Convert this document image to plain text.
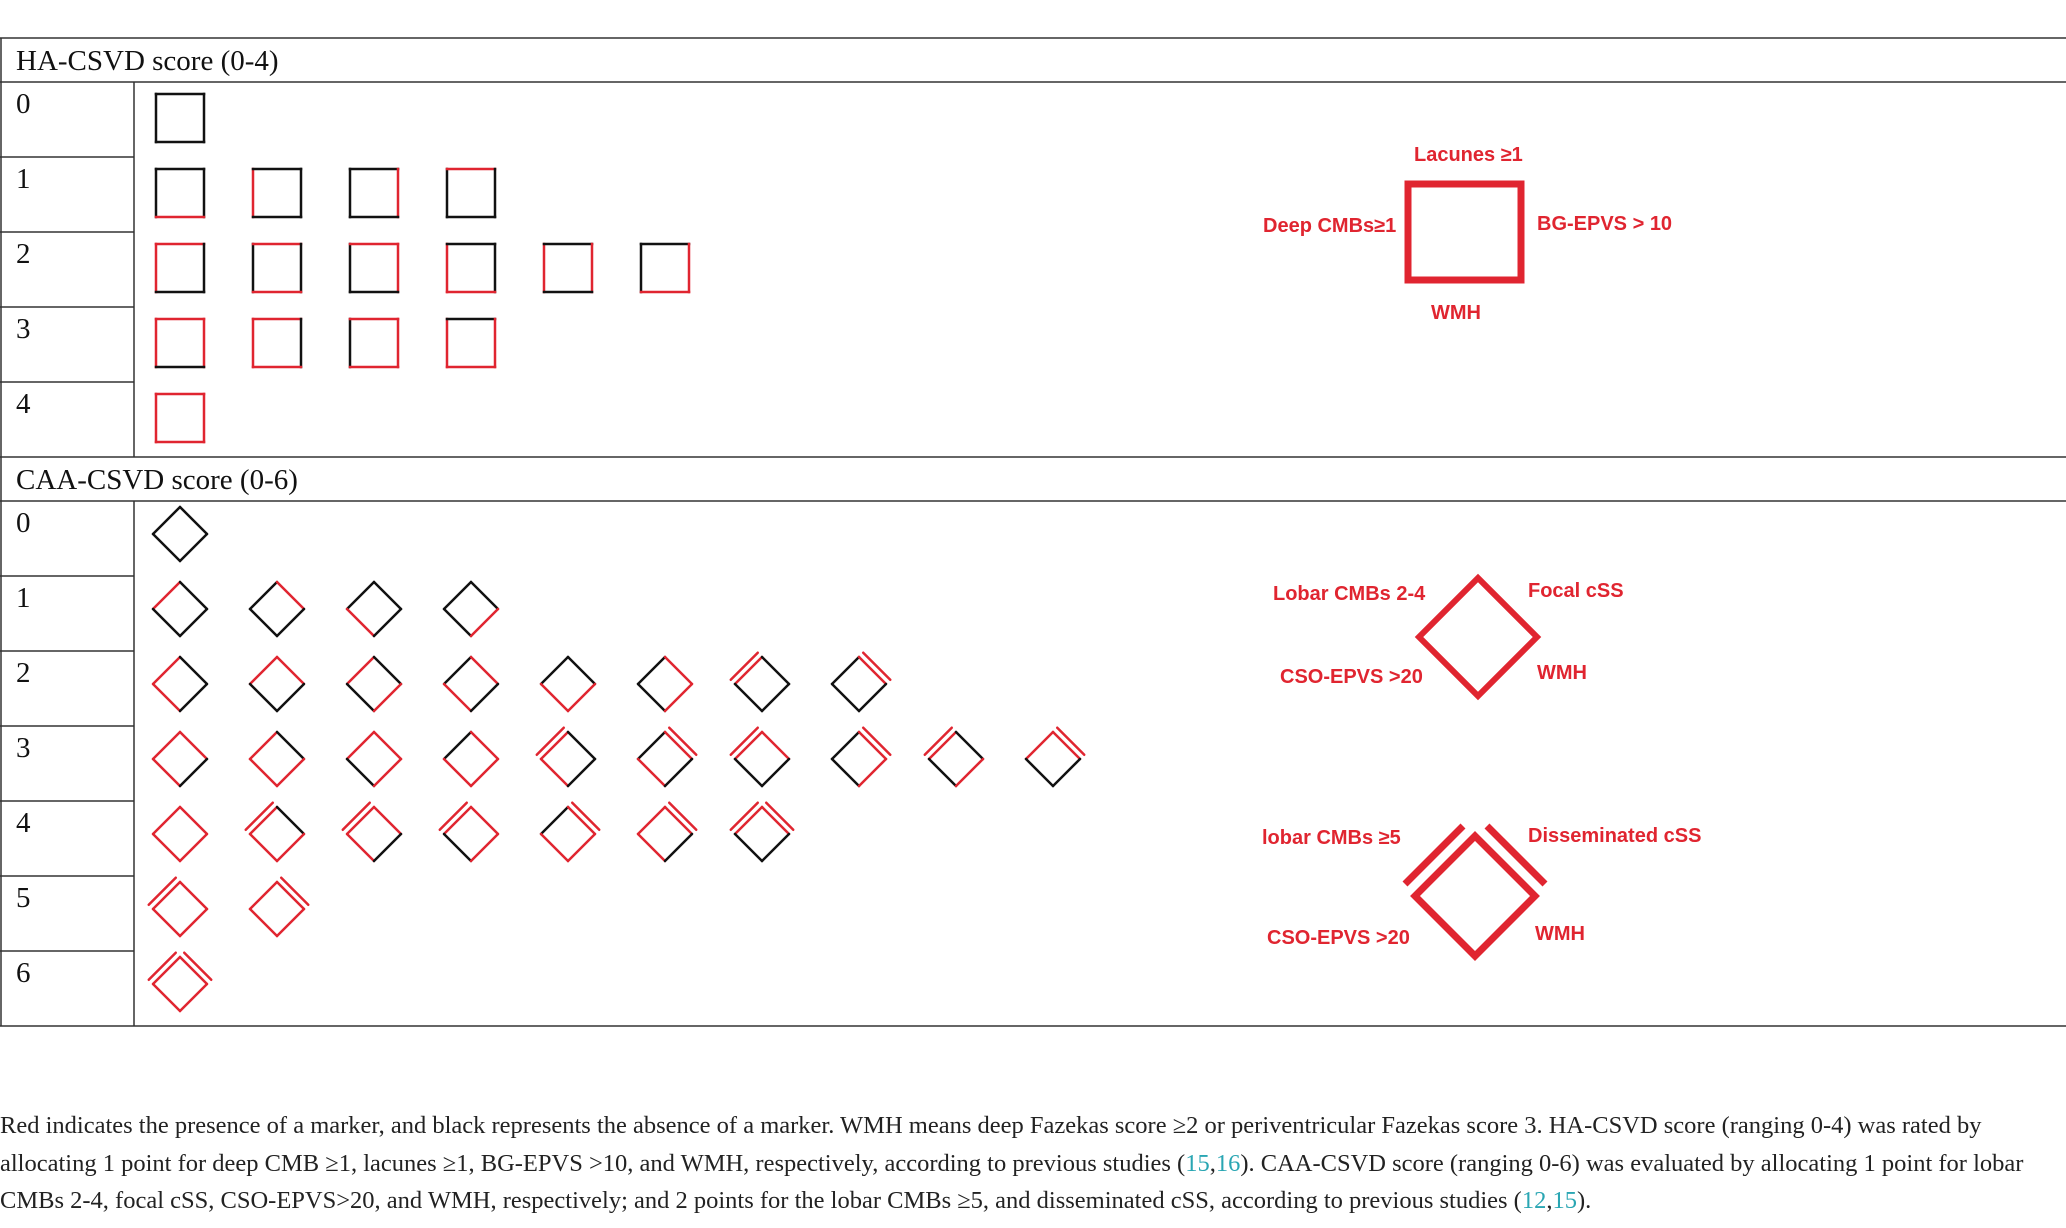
HA-CSVD score (0-4)
CAA-CSVD score (0-6)
0
1
2
3
4
0
1
2
3
4
5
6
Lacunes ≥1
Deep CMBs≥1	BG-EPVS > 10
WMH
Lobar CMBs 2-4	Focal cSS
CSO-EPVS >20	WMH
lobar CMBs ≥5	Disseminated cSS
CSO-EPVS >20	WMH

Red indicates the presence of a marker, and black represents the absence of a marker. WMH means deep Fazekas score ≥2 or periventricular Fazekas score 3. HA-CSVD score (ranging 0-4) was rated by allocating 1 point for deep CMB ≥1, lacunes ≥1, BG-EPVS >10, and WMH, respectively, according to previous studies (15,16). CAA-CSVD score (ranging 0-6) was evaluated by allocating 1 point for lobar CMBs 2-4, focal cSS, CSO-EPVS>20, and WMH, respectively; and 2 points for the lobar CMBs ≥5, and disseminated cSS, according to previous studies (12,15).
